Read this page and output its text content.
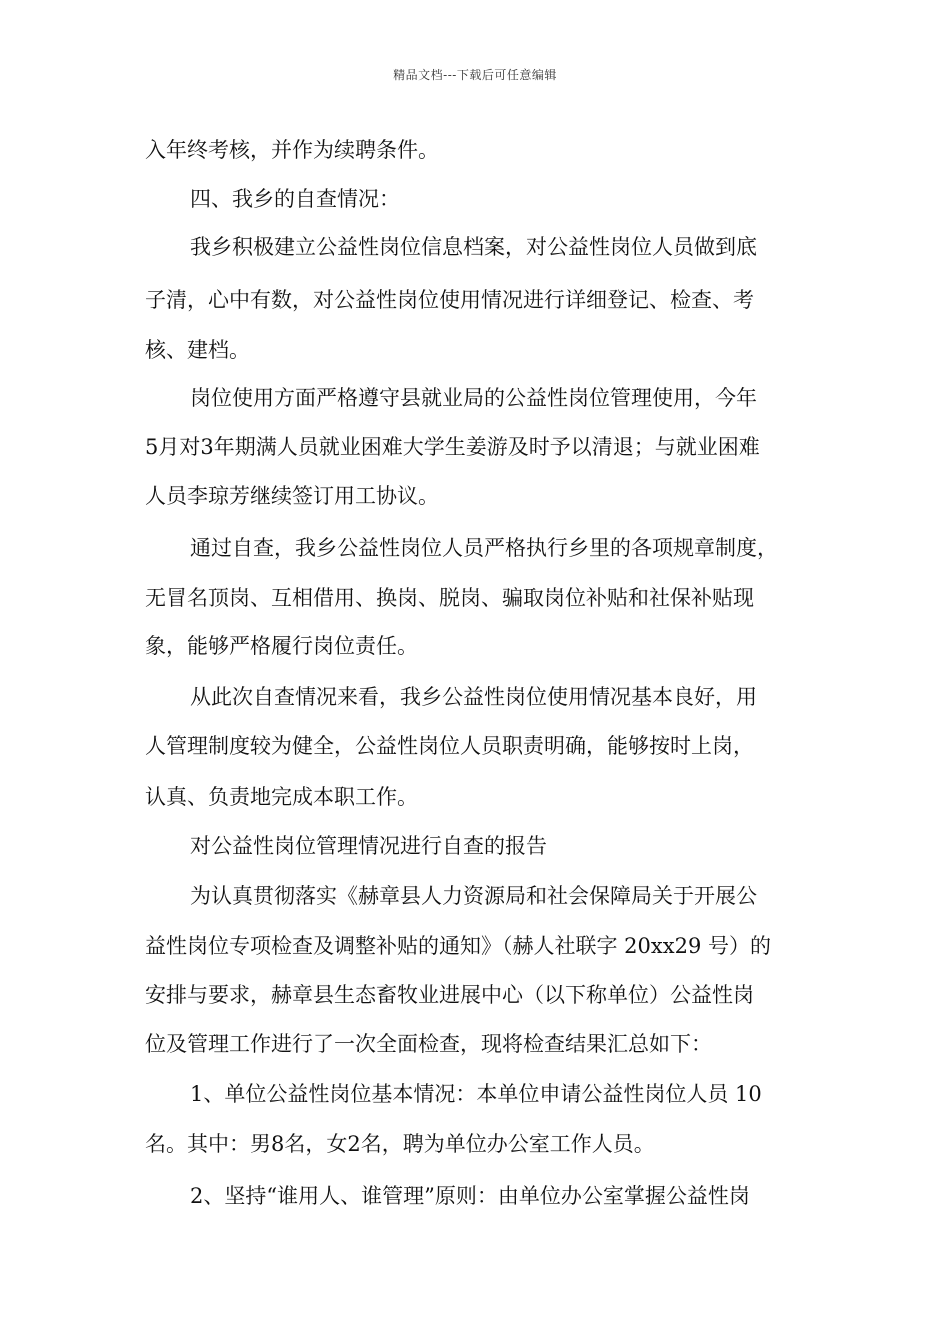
精品文档---下载后可任意编辑
入年终考核，并作为续聘条件。
四、我乡的自查情况：
我乡积极建立公益性岗位信息档案，对公益性岗位人员做到底
子清，心中有数，对公益性岗位使用情况进行详细登记、检查、考
核、建档。
岗位使用方面严格遵守县就业局的公益性岗位管理使用，今年
5月对3年期满人员就业困难大学生姜游及时予以清退；与就业困难
人员李琼芳继续签订用工协议。
通过自查，我乡公益性岗位人员严格执行乡里的各项规章制度，
无冒名顶岗、互相借用、换岗、脱岗、骗取岗位补贴和社保补贴现
象，能够严格履行岗位责任。
从此次自查情况来看，我乡公益性岗位使用情况基本良好，用
人管理制度较为健全，公益性岗位人员职责明确，能够按时上岗，
认真、负责地完成本职工作。
对公益性岗位管理情况进行自查的报告
为认真贯彻落实《赫章县人力资源局和社会保障局关于开展公
益性岗位专项检查及调整补贴的通知》（赫人社联字 20xx29 号）的
安排与要求，赫章县生态畜牧业进展中心（以下称单位）公益性岗
位及管理工作进行了一次全面检查，现将检查结果汇总如下：
1、单位公益性岗位基本情况：本单位申请公益性岗位人员 10
名。其中：男8名，女2名，聘为单位办公室工作人员。
2、坚持“谁用人、谁管理”原则：由单位办公室掌握公益性岗
